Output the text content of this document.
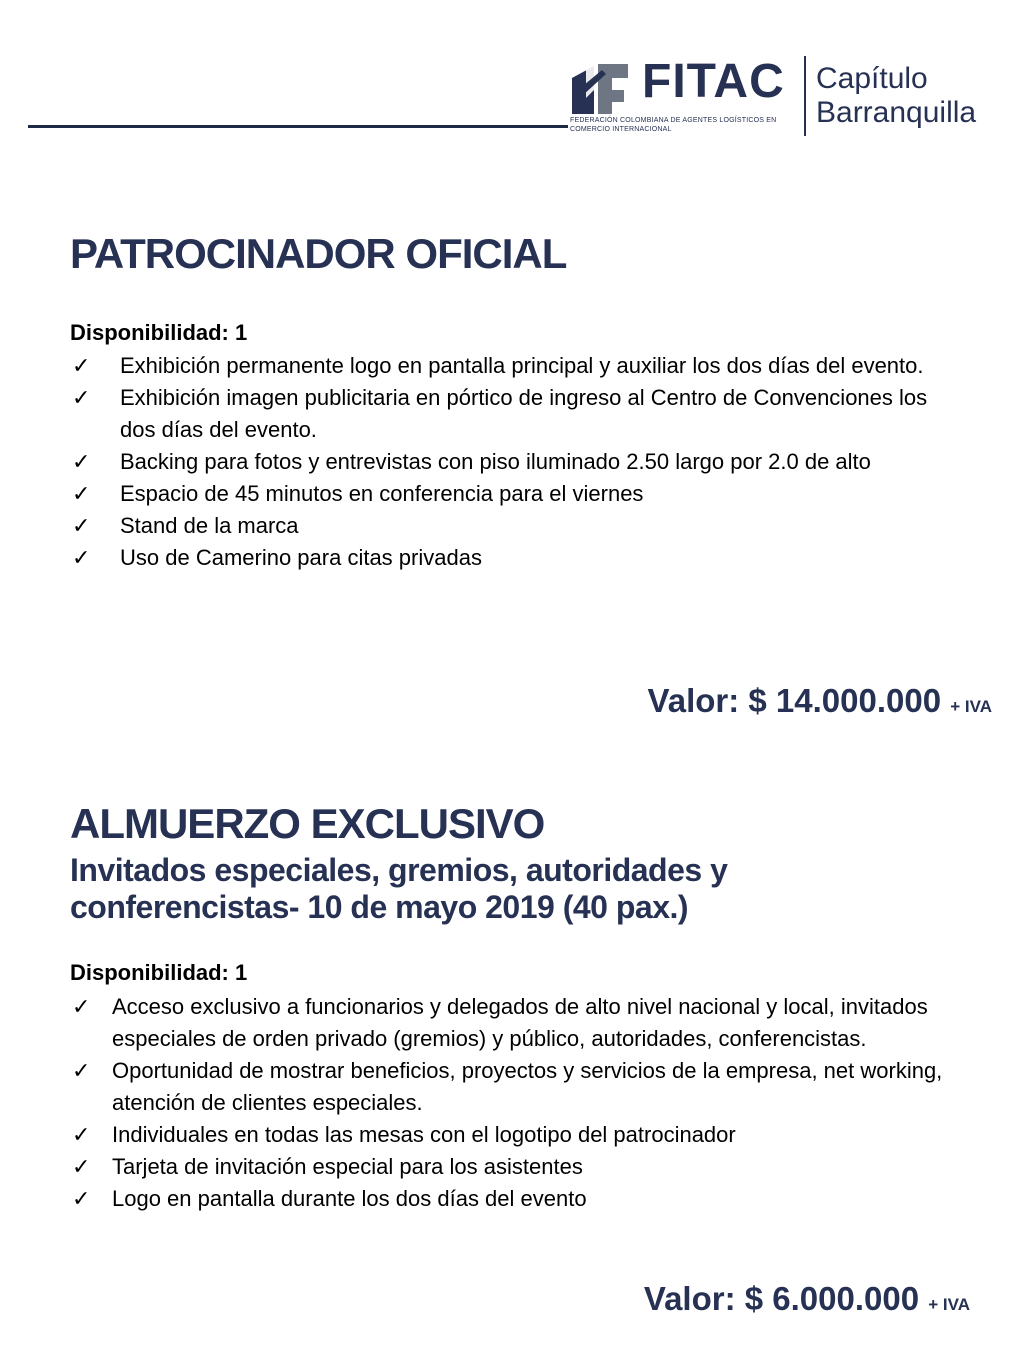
FITAC
FEDERACIÓN COLOMBIANA DE AGENTES LOGÍSTICOS EN COMERCIO INTERNACIONAL
Capítulo
Barranquilla
PATROCINADOR OFICIAL
Disponibilidad: 1
✓ Exhibición permanente logo en pantalla principal y auxiliar los dos días del evento.
✓ Exhibición imagen publicitaria en pórtico de ingreso al Centro de Convenciones los dos días del evento.
✓ Backing para fotos y entrevistas con piso iluminado 2.50 largo por 2.0 de alto
✓ Espacio de 45 minutos en conferencia para el viernes
✓ Stand de la marca
✓ Uso de Camerino para citas privadas
Valor: $ 14.000.000 + IVA
ALMUERZO EXCLUSIVO
Invitados especiales, gremios, autoridades y conferencistas- 10 de mayo 2019 (40 pax.)
Disponibilidad: 1
✓ Acceso exclusivo a funcionarios y delegados de alto nivel nacional y local, invitados especiales de orden privado (gremios) y público, autoridades, conferencistas.
✓ Oportunidad de mostrar beneficios, proyectos y servicios de la empresa, net working, atención de clientes especiales.
✓ Individuales en todas las mesas con el logotipo del patrocinador
✓ Tarjeta de invitación especial para los asistentes
✓ Logo en pantalla durante los dos días del evento
Valor: $ 6.000.000 + IVA
